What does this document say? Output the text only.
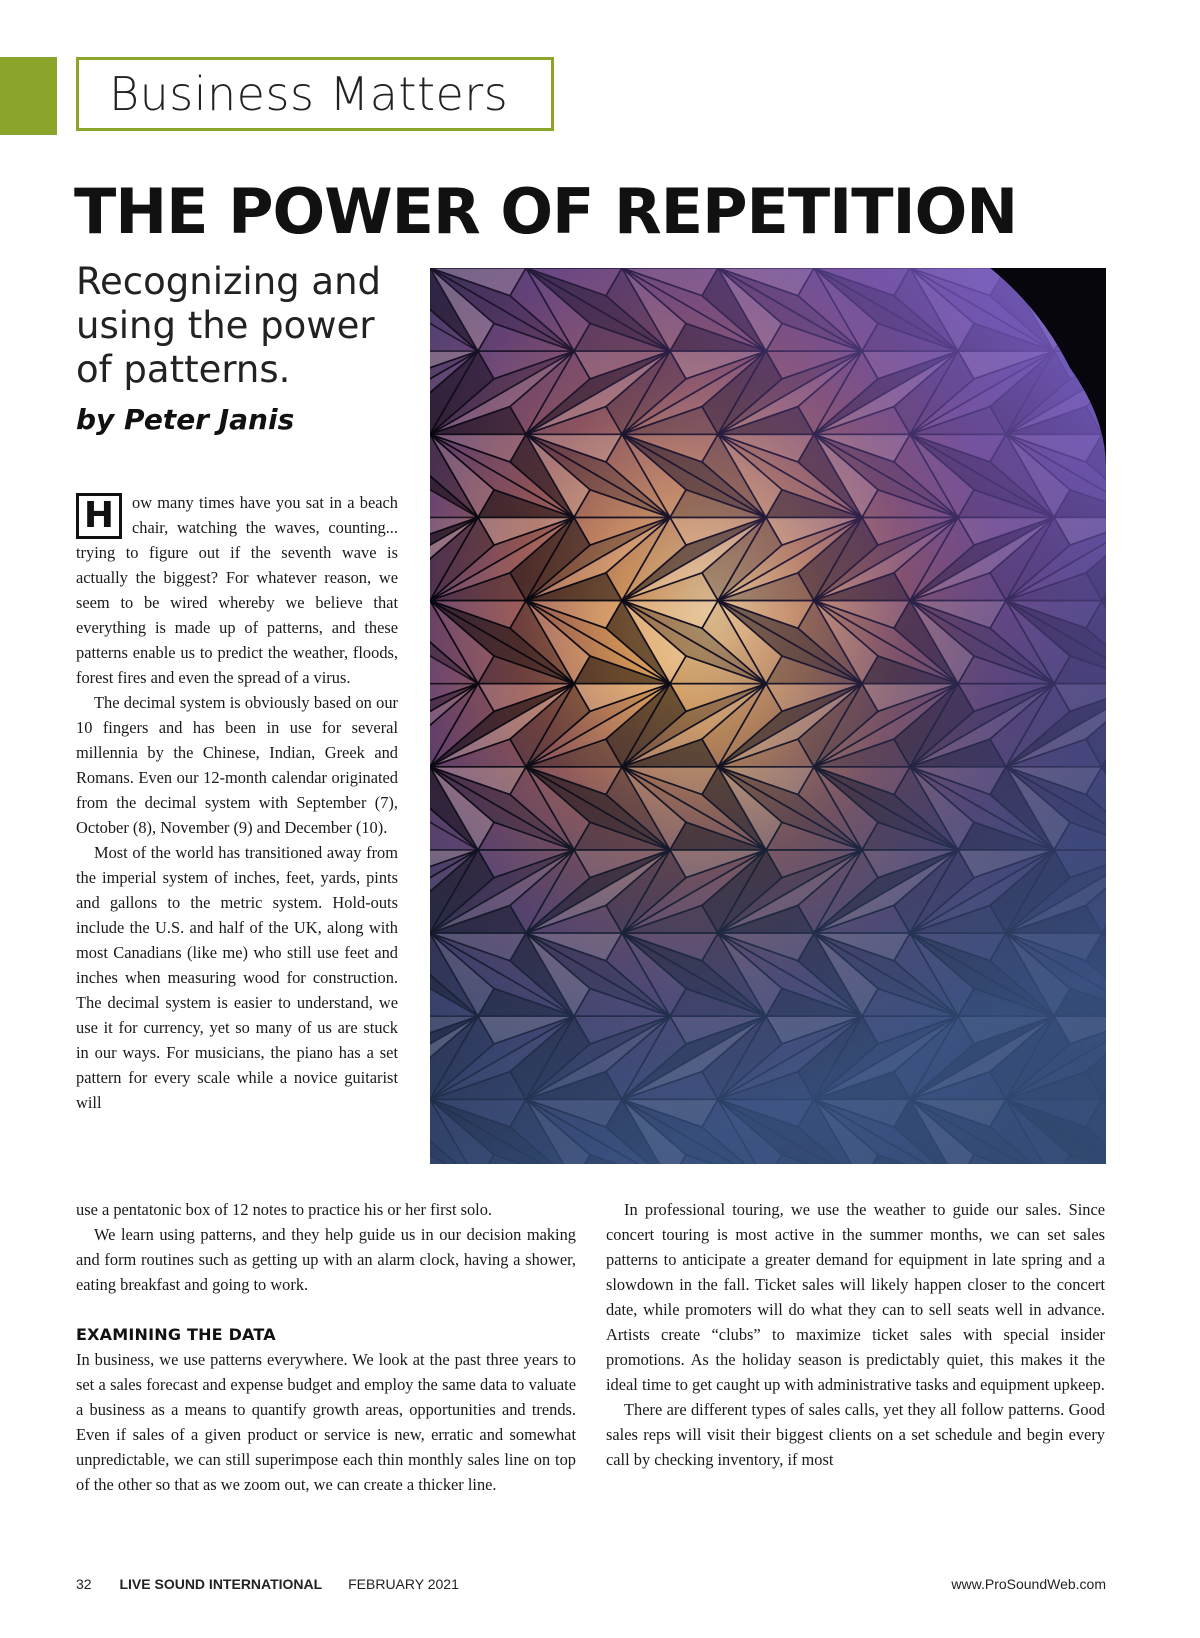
Business Matters
THE POWER OF REPETITION
Recognizing and using the power of patterns.
by Peter Janis

H	ow many times have you sat in a beach chair, watching the waves, counting... trying to figure out if the seventh wave is actually the biggest? For whatever reason, we seem to be wired whereby we believe that everything is made up of patterns, and these patterns enable us to predict the weather, floods, forest fires and even the spread of a virus.

The decimal system is obviously based on our 10 fingers and has been in use for several millennia by the Chinese, Indian, Greek and Romans. Even our 12-month calendar originated from the decimal system with September (7), October (8), November (9) and December (10).

Most of the world has transitioned away from the imperial system of inches, feet, yards, pints and gallons to the metric system. Hold-outs include the U.S. and half of the UK, along with most Canadians (like me) who still use feet and inches when measuring wood for construction. The decimal system is easier to understand, we use it for currency, yet so many of us are stuck in our ways. For musicians, the piano has a set pattern for every scale while a novice guitarist will

use a pentatonic box of 12 notes to practice his or her first solo.

We learn using patterns, and they help guide us in our decision making and form routines such as getting up with an alarm clock, having a shower, eating breakfast and going to work.

EXAMINING THE DATA

In business, we use patterns everywhere. We look at the past three years to set a sales forecast and expense budget and employ the same data to valuate a business as a means to quantify growth areas, opportunities and trends. Even if sales of a given product or service is new, erratic and somewhat unpredictable, we can still superimpose each thin monthly sales line on top of the other so that as we zoom out, we can create a thicker line.

In professional touring, we use the weather to guide our sales. Since concert touring is most active in the summer months, we can set sales patterns to anticipate a greater demand for equipment in late spring and a slowdown in the fall. Ticket sales will likely happen closer to the concert date, while promoters will do what they can to sell seats well in advance. Artists create “clubs” to maximize ticket sales with special insider promotions. As the holiday season is predictably quiet, this makes it the ideal time to get caught up with administrative tasks and equipment upkeep.

There are different types of sales calls, yet they all follow patterns. Good sales reps will visit their biggest clients on a set schedule and begin every call by checking inventory, if most

32 LIVE SOUND INTERNATIONAL FEBRUARY 2021	www.ProSoundWeb.com
